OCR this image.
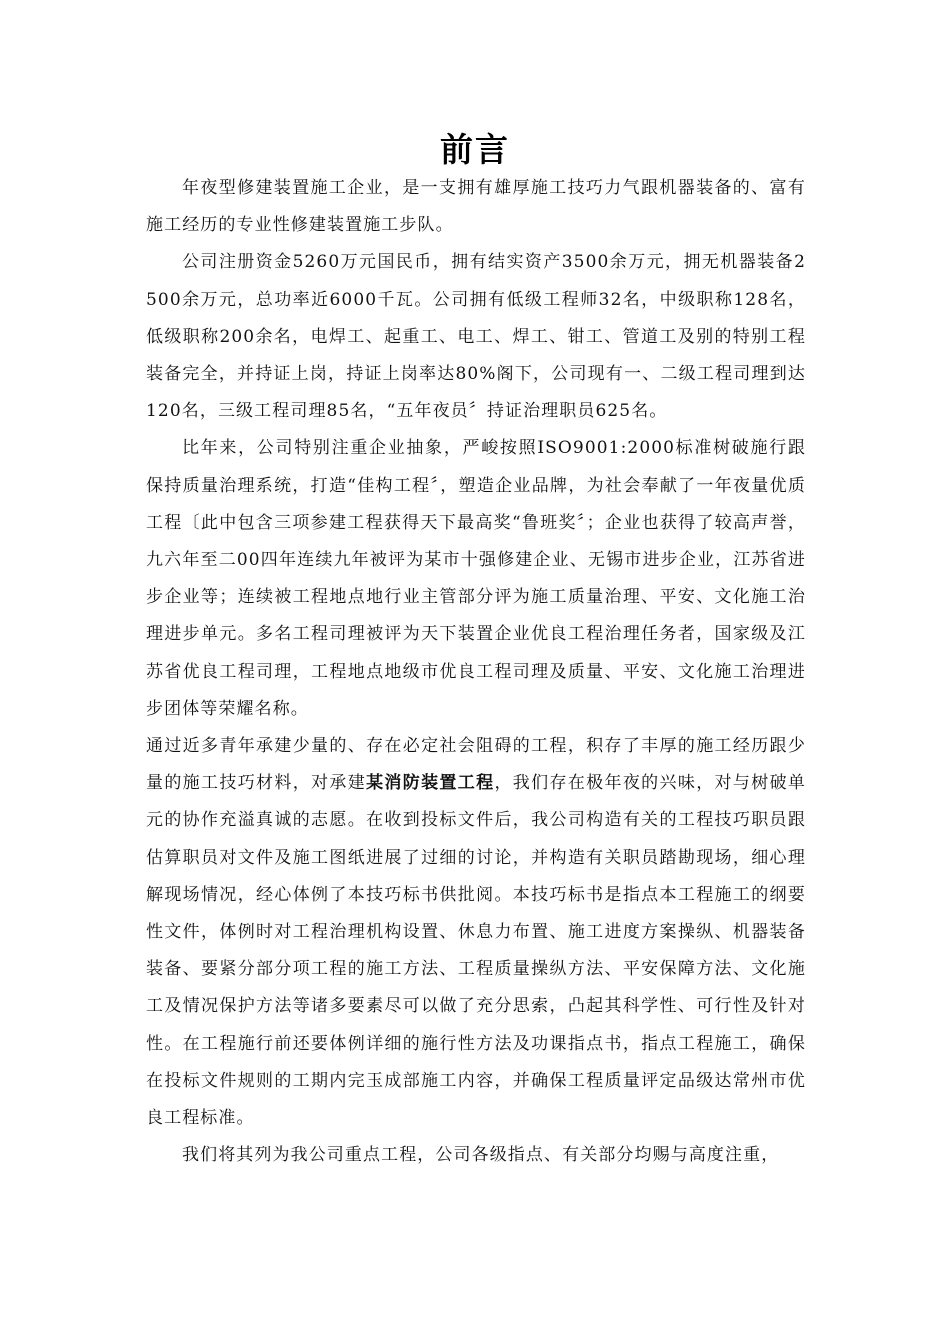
前言

年夜型修建装置施工企业，是一支拥有雄厚施工技巧力气跟机器装备的、富有施工经历的专业性修建装置施工步队。

公司注册资金5260万元国民币，拥有结实资产3500余万元，拥无机器装备2500余万元，总功率近6000千瓦。公司拥有低级工程师32名，中级职称128名，低级职称200余名，电焊工、起重工、电工、焊工、钳工、管道工及别的特别工程装备完全，并持证上岗，持证上岗率达80%阁下，公司现有一、二级工程司理到达120名，三级工程司理85名，“五年夜员〞持证治理职员625名。

比年来，公司特别注重企业抽象，严峻按照ISO9001:2000标准树破施行跟保持质量治理系统，打造“佳构工程〞，塑造企业品牌，为社会奉献了一年夜量优质工程〔此中包含三项参建工程获得天下最高奖“鲁班奖〞；企业也获得了较高声誉，九六年至二00四年连续九年被评为某市十强修建企业、无锡市进步企业，江苏省进步企业等；连续被工程地点地行业主管部分评为施工质量治理、平安、文化施工治理进步单元。多名工程司理被评为天下装置企业优良工程治理任务者，国家级及江苏省优良工程司理，工程地点地级市优良工程司理及质量、平安、文化施工治理进步团体等荣耀名称。

通过近多青年承建少量的、存在必定社会阻碍的工程，积存了丰厚的施工经历跟少量的施工技巧材料，对承建某消防装置工程，我们存在极年夜的兴味，对与树破单元的协作充溢真诚的志愿。在收到投标文件后，我公司构造有关的工程技巧职员跟估算职员对文件及施工图纸进展了过细的讨论，并构造有关职员踏勘现场，细心理解现场情况，经心体例了本技巧标书供批阅。本技巧标书是指点本工程施工的纲要性文件，体例时对工程治理机构设置、休息力布置、施工进度方案操纵、机器装备装备、要紧分部分项工程的施工方法、工程质量操纵方法、平安保障方法、文化施工及情况保护方法等诸多要素尽可以做了充分思索，凸起其科学性、可行性及针对性。在工程施行前还要体例详细的施行性方法及功课指点书，指点工程施工，确保在投标文件规则的工期内完玉成部施工内容，并确保工程质量评定品级达常州市优良工程标准。

我们将其列为我公司重点工程，公司各级指点、有关部分均赐与高度注重，
